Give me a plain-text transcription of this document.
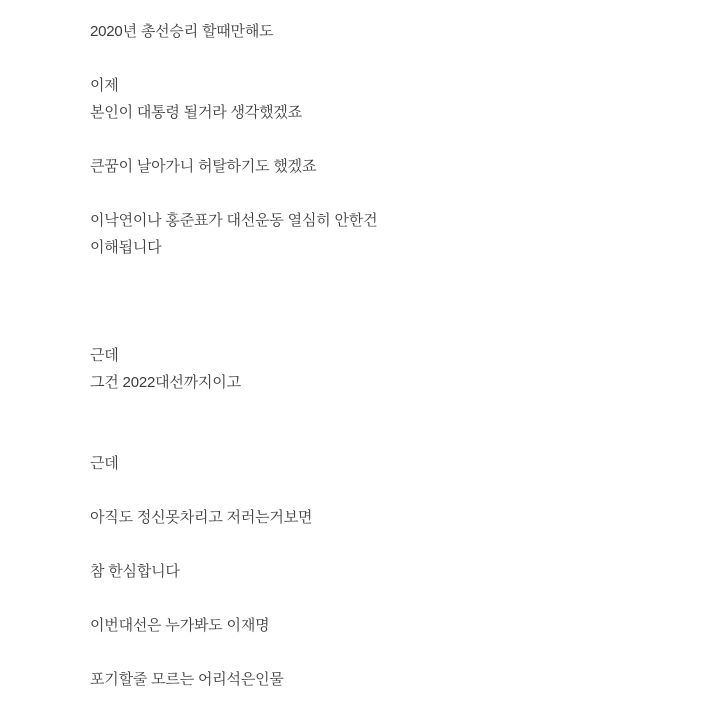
2020년 총선승리 할때만해도
이제
본인이 대통령 될거라 생각했겠죠
큰꿈이 날아가니 허탈하기도 했겠죠
이낙연이나 홍준표가 대선운동 열심히 안한건
이해됩니다
근데
그건 2022대선까지이고
근데
아직도 정신못차리고 저러는거보면
참 한심합니다
이번대선은 누가봐도 이재명
포기할줄 모르는 어리석은인물
